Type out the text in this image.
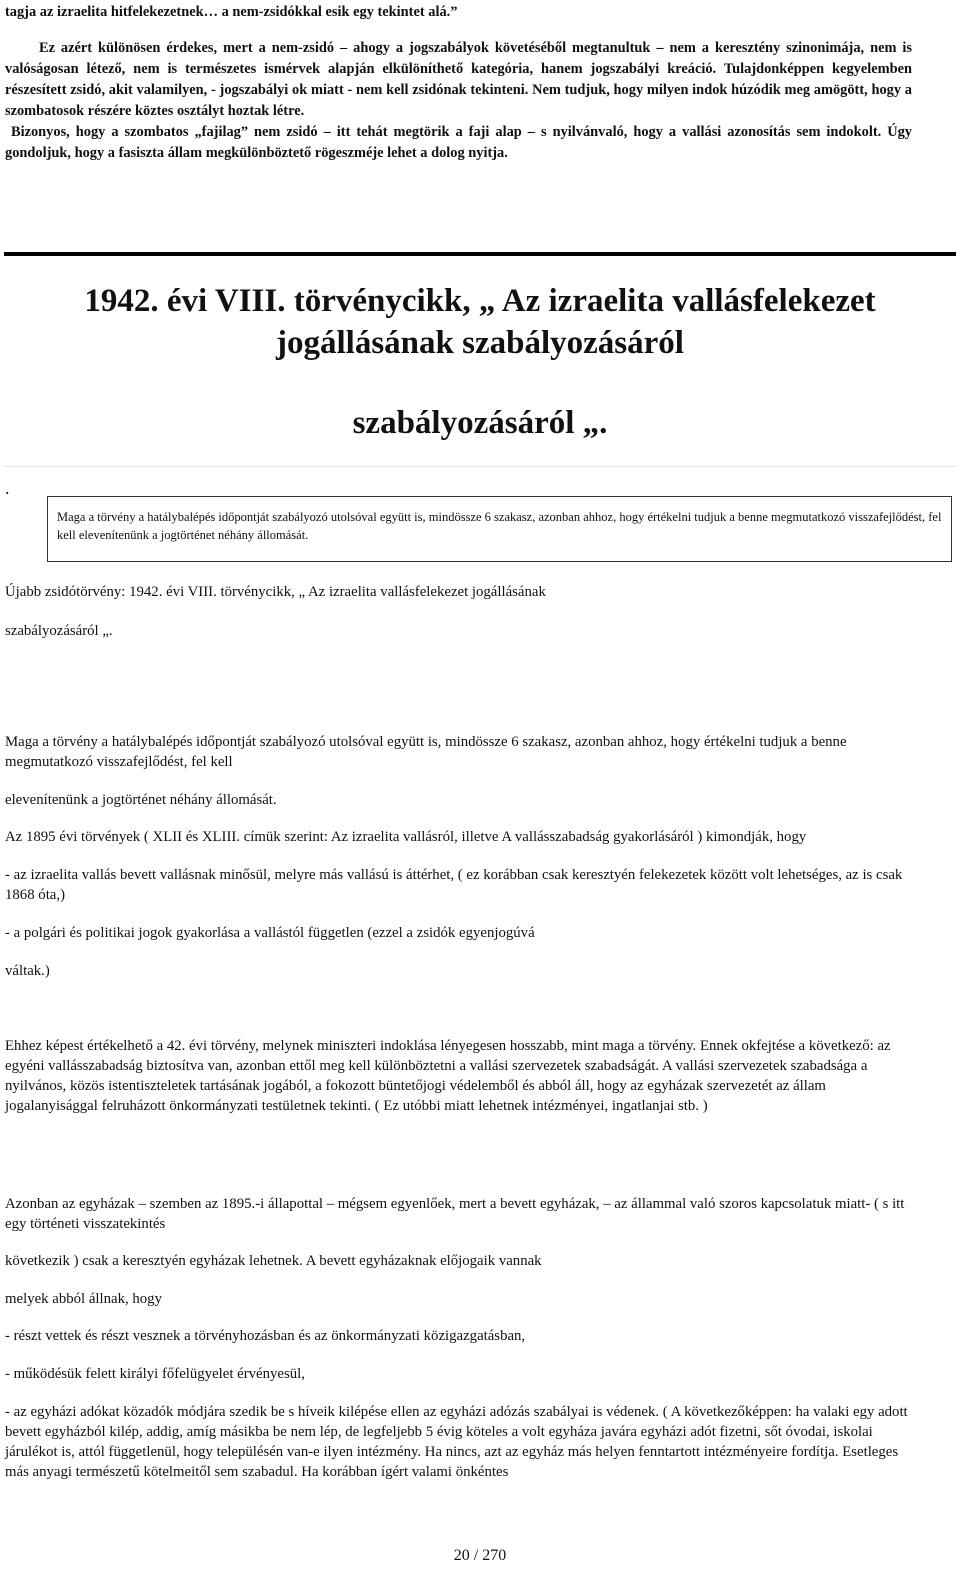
tagja az izraelita hitfelekezetnek… a nem-zsidókkal esik egy tekintet alá.”
Ez azért különösen érdekes, mert a nem-zsidó – ahogy a jogszabályok követéséből megtanultuk – nem a keresztény szinonimája, nem is valóságosan létező, nem is természetes ismérvek alapján elkülöníthető kategória, hanem jogszabályi kreáció. Tulajdonképpen kegyelemben részesített zsidó, akit valamilyen, - jogszabályi ok miatt - nem kell zsidónak tekinteni. Nem tudjuk, hogy milyen indok húzódik meg amögött, hogy a szombatosok részére köztes osztályt hoztak létre.
Bizonyos, hogy a szombatos „fajilag” nem zsidó – itt tehát megtörik a faji alap – s nyilvánvaló, hogy a vallási azonosítás sem indokolt. Úgy gondoljuk, hogy a fasiszta állam megkülönböztető rögeszméje lehet a dolog nyitja.
1942. évi VIII. törvénycikk, „ Az izraelita vallásfelekezet
jogállásának szabályozásáról
szabályozásáról „.
.
Maga a törvény a hatálybalépés időpontját szabályozó utolsóval együtt is, mindössze 6 szakasz, azonban ahhoz, hogy értékelni tudjuk a benne megmutatkozó visszafejlődést, fel kell elevenítenünk a jogtörténet néhány állomását.
Újabb zsidótörvény: 1942. évi VIII. törvénycikk, „ Az izraelita vallásfelekezet jogállásának
szabályozásáról „.
Maga a törvény a hatálybalépés időpontját szabályozó utolsóval együtt is, mindössze 6 szakasz, azonban ahhoz, hogy értékelni tudjuk a benne megmutatkozó visszafejlődést, fel kell
elevenítenünk a jogtörténet néhány állomását.
Az 1895 évi törvények ( XLII és XLIII. címük szerint: Az izraelita vallásról, illetve A vallásszabadság gyakorlásáról ) kimondják, hogy
- az izraelita vallás bevett vallásnak minősül, melyre más vallású is áttérhet, ( ez korábban csak keresztyén felekezetek között volt lehetséges, az is csak 1868 óta,)
- a polgári és politikai jogok gyakorlása a vallástól független (ezzel a zsidók egyenjogúvá
váltak.)
Ehhez képest értékelhető a 42. évi törvény, melynek miniszteri indoklása lényegesen hosszabb, mint maga a törvény. Ennek okfejtése a következő: az egyéni vallásszabadság biztosítva van, azonban ettől meg kell különböztetni a vallási szervezetek szabadságát. A vallási szervezetek szabadsága a nyilvános, közös istentiszteletek tartásának jogából, a fokozott büntetőjogi védelemből és abból áll, hogy az egyházak szervezetét az állam jogalanyisággal felruházott önkormányzati testületnek tekinti. ( Ez utóbbi miatt lehetnek intézményei, ingatlanjai stb. )
Azonban az egyházak – szemben az 1895.-i állapottal – mégsem egyenlőek, mert a bevett egyházak, – az állammal való szoros kapcsolatuk miatt- ( s itt egy történeti visszatekintés
következik ) csak a keresztyén egyházak lehetnek. A bevett egyházaknak előjogaik vannak
melyek abból állnak, hogy
- részt vettek és részt vesznek a törvényhozásban és az önkormányzati közigazgatásban,
- működésük felett királyi főfelügyelet érvényesül,
- az egyházi adókat közadók módjára szedik be s híveik kilépése ellen az egyházi adózás szabályai is védenek. ( A következőképpen: ha valaki egy adott bevett egyházból kilép, addig, amíg másikba be nem lép, de legfeljebb 5 évig köteles a volt egyháza javára egyházi adót fizetni, sőt óvodai, iskolai járulékot is, attól függetlenül, hogy településén van-e ilyen intézmény. Ha nincs, azt az egyház más helyen fenntartott intézményeire fordítja. Esetleges más anyagi természetű kötelmeitől sem szabadul. Ha korábban ígért valami önkéntes
20 / 270
